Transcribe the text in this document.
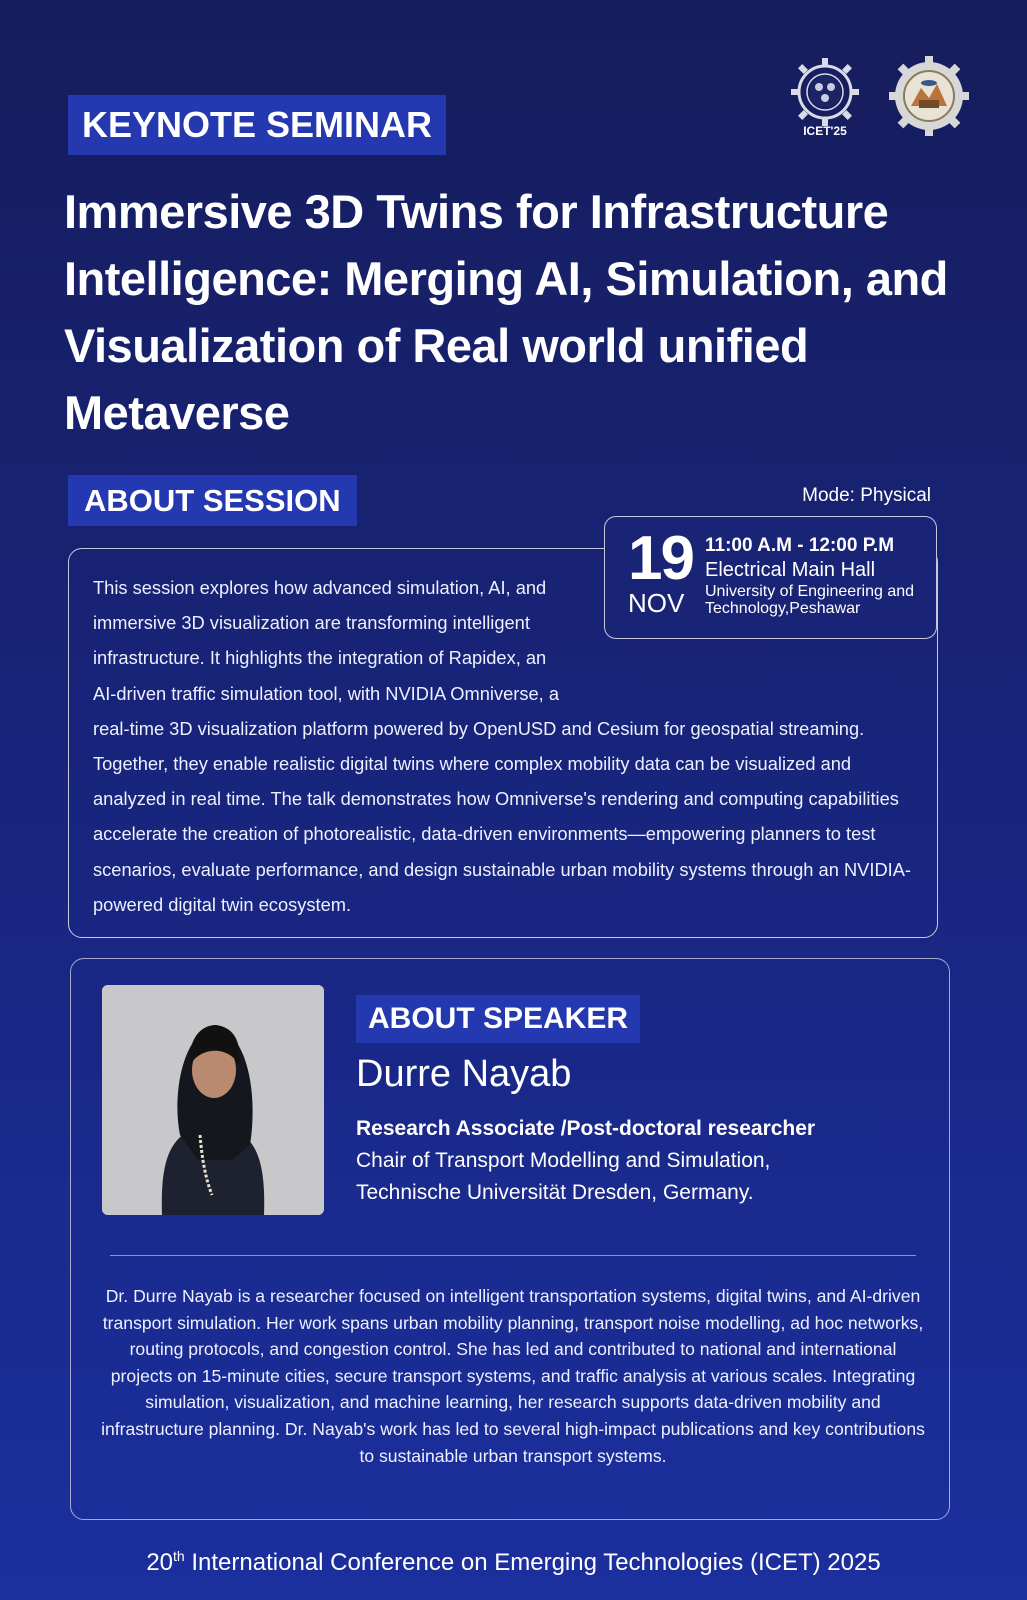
ICET'25
KEYNOTE SEMINAR
Immersive 3D Twins for Infrastructure Intelligence: Merging AI, Simulation, and Visualization of Real world unified Metaverse
ABOUT SESSION	Mode: Physical
This session explores how advanced simulation, AI, and immersive 3D visualization are transforming intelligent infrastructure. It highlights the integration of Rapidex, an AI-driven traffic simulation tool, with NVIDIA Omniverse, a real-time 3D visualization platform powered by OpenUSD and Cesium for geospatial streaming. Together, they enable realistic digital twins where complex mobility data can be visualized and analyzed in real time. The talk demonstrates how Omniverse's rendering and computing capabilities accelerate the creation of photorealistic, data-driven environments—empowering planners to test scenarios, evaluate performance, and design sustainable urban mobility systems through an NVIDIA-powered digital twin ecosystem.
19
NOV
11:00 A.M - 12:00 P.M
Electrical Main Hall
University of Engineering and Technology,Peshawar
ABOUT SPEAKER
Durre Nayab
Research Associate /Post-doctoral researcher
Chair of Transport Modelling and Simulation,
Technische Universität Dresden, Germany.
Dr. Durre Nayab is a researcher focused on intelligent transportation systems, digital twins, and AI-driven transport simulation. Her work spans urban mobility planning, transport noise modelling, ad hoc networks, routing protocols, and congestion control. She has led and contributed to national and international projects on 15-minute cities, secure transport systems, and traffic analysis at various scales. Integrating simulation, visualization, and machine learning, her research supports data-driven mobility and infrastructure planning. Dr. Nayab's work has led to several high-impact publications and key contributions to sustainable urban transport systems.
20th International Conference on Emerging Technologies (ICET) 2025
